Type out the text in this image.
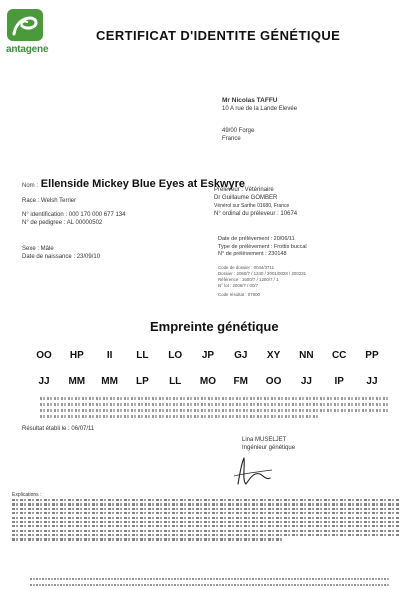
antagene
CERTIFICAT D'IDENTITE GÉNÉTIQUE
Mr Nicolas TAFFU
10 A rue de la Lande Elevée
49/00 Forge
France
Nom : Ellenside Mickey Blue Eyes at Eskwyre
Race : Welsh Terrier
N° identification : 000 170 000 677 134
N° de pedigree : AL 00000502
Sexe : Mâle
Date de naissance : 23/09/10
Préleveur : Vétérinaire
Dr Guillaume GOMBER
Vénérol sur Sarthe 01680, France
N° ordinal du préleveur : 10674
Date de prélèvement : 20/06/11
Type de prélèvement : Frottis buccal
N° de prélèvement : 230148
Code de dossier : 0044/3711
Dossier : 2060/7 / 1240 / 2001/0028 / 200231
Référence : 1600/7 / 1200/7 / 1
N° lot : 2006/7 / 00/7
Code résultat : 07500
Empreinte génétique
OO	HP	II	LL	LO	JP	GJ	XY	NN	CC	PP
JJ	MM	MM	LP	LL	MO	FM	OO	JJ	IP	JJ
Résultat établi le : 06/07/11
Lina MUSELJET
Ingénieur génétique
Explications :
